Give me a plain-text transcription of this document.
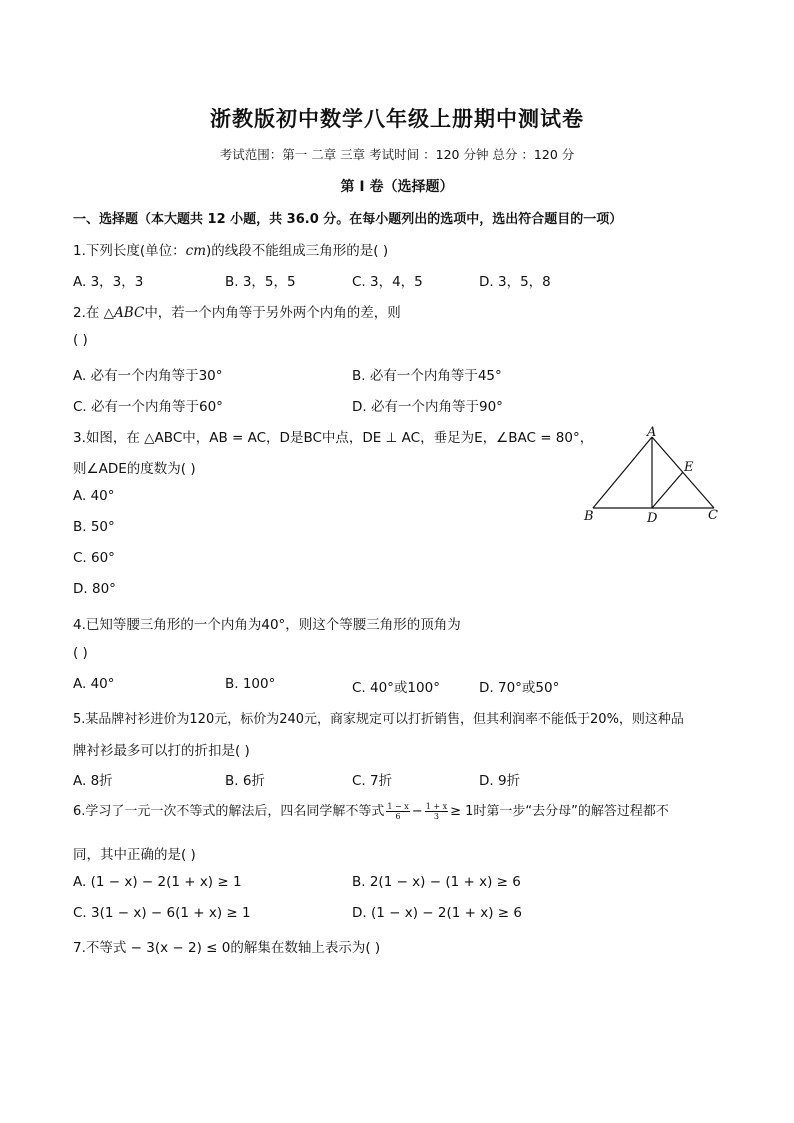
浙教版初中数学八年级上册期中测试卷
考试范围：第一 二章 三章 考试时间 ：120 分钟 总分 ：120 分
第 I 卷（选择题）
一、选择题（本大题共 12 小题，共 36.0 分。在每小题列出的选项中，选出符合题目的一项）
1.下列长度(单位：cm)的线段不能组成三角形的是( )
A. 3，3，3	B. 3，5，5	C. 3，4，5	D. 3，5，8
2.在 △ABC中，若一个内角等于另外两个内角的差，则
( )
A. 必有一个内角等于30°	B. 必有一个内角等于45°
C. 必有一个内角等于60°	D. 必有一个内角等于90°
3.如图，在 △ABC中，AB = AC，D是BC中点，DE ⊥ AC，垂足为E，∠BAC = 80°，
则∠ADE的度数为( )
A. 40°
B. 50°
C. 60°
D. 80°
A
E
B	D	C
4.已知等腰三角形的一个内角为40°，则这个等腰三角形的顶角为
( )
A. 40°	B. 100°	C. 40°或100°	D. 70°或50°
5.某品牌衬衫进价为120元，标价为240元，商家规定可以打折销售，但其利润率不能低于20%，则这种品
牌衬衫最多可以打的折扣是( )
A. 8折	B. 6折	C. 7折	D. 9折
6.学习了一元一次不等式的解法后，四名同学解不等式 $\frac{1 - x}{6} - \frac{1 + x}{3} \ge 1$时第一步“去分母”的解答过程都不
同，其中正确的是( )
A. (1 − x) − 2(1 + x) ≥ 1	B. 2(1 − x) − (1 + x) ≥ 6
C. 3(1 − x) − 6(1 + x) ≥ 1	D. (1 − x) − 2(1 + x) ≥ 6
7.不等式 − 3(x − 2) ≤ 0的解集在数轴上表示为( )
